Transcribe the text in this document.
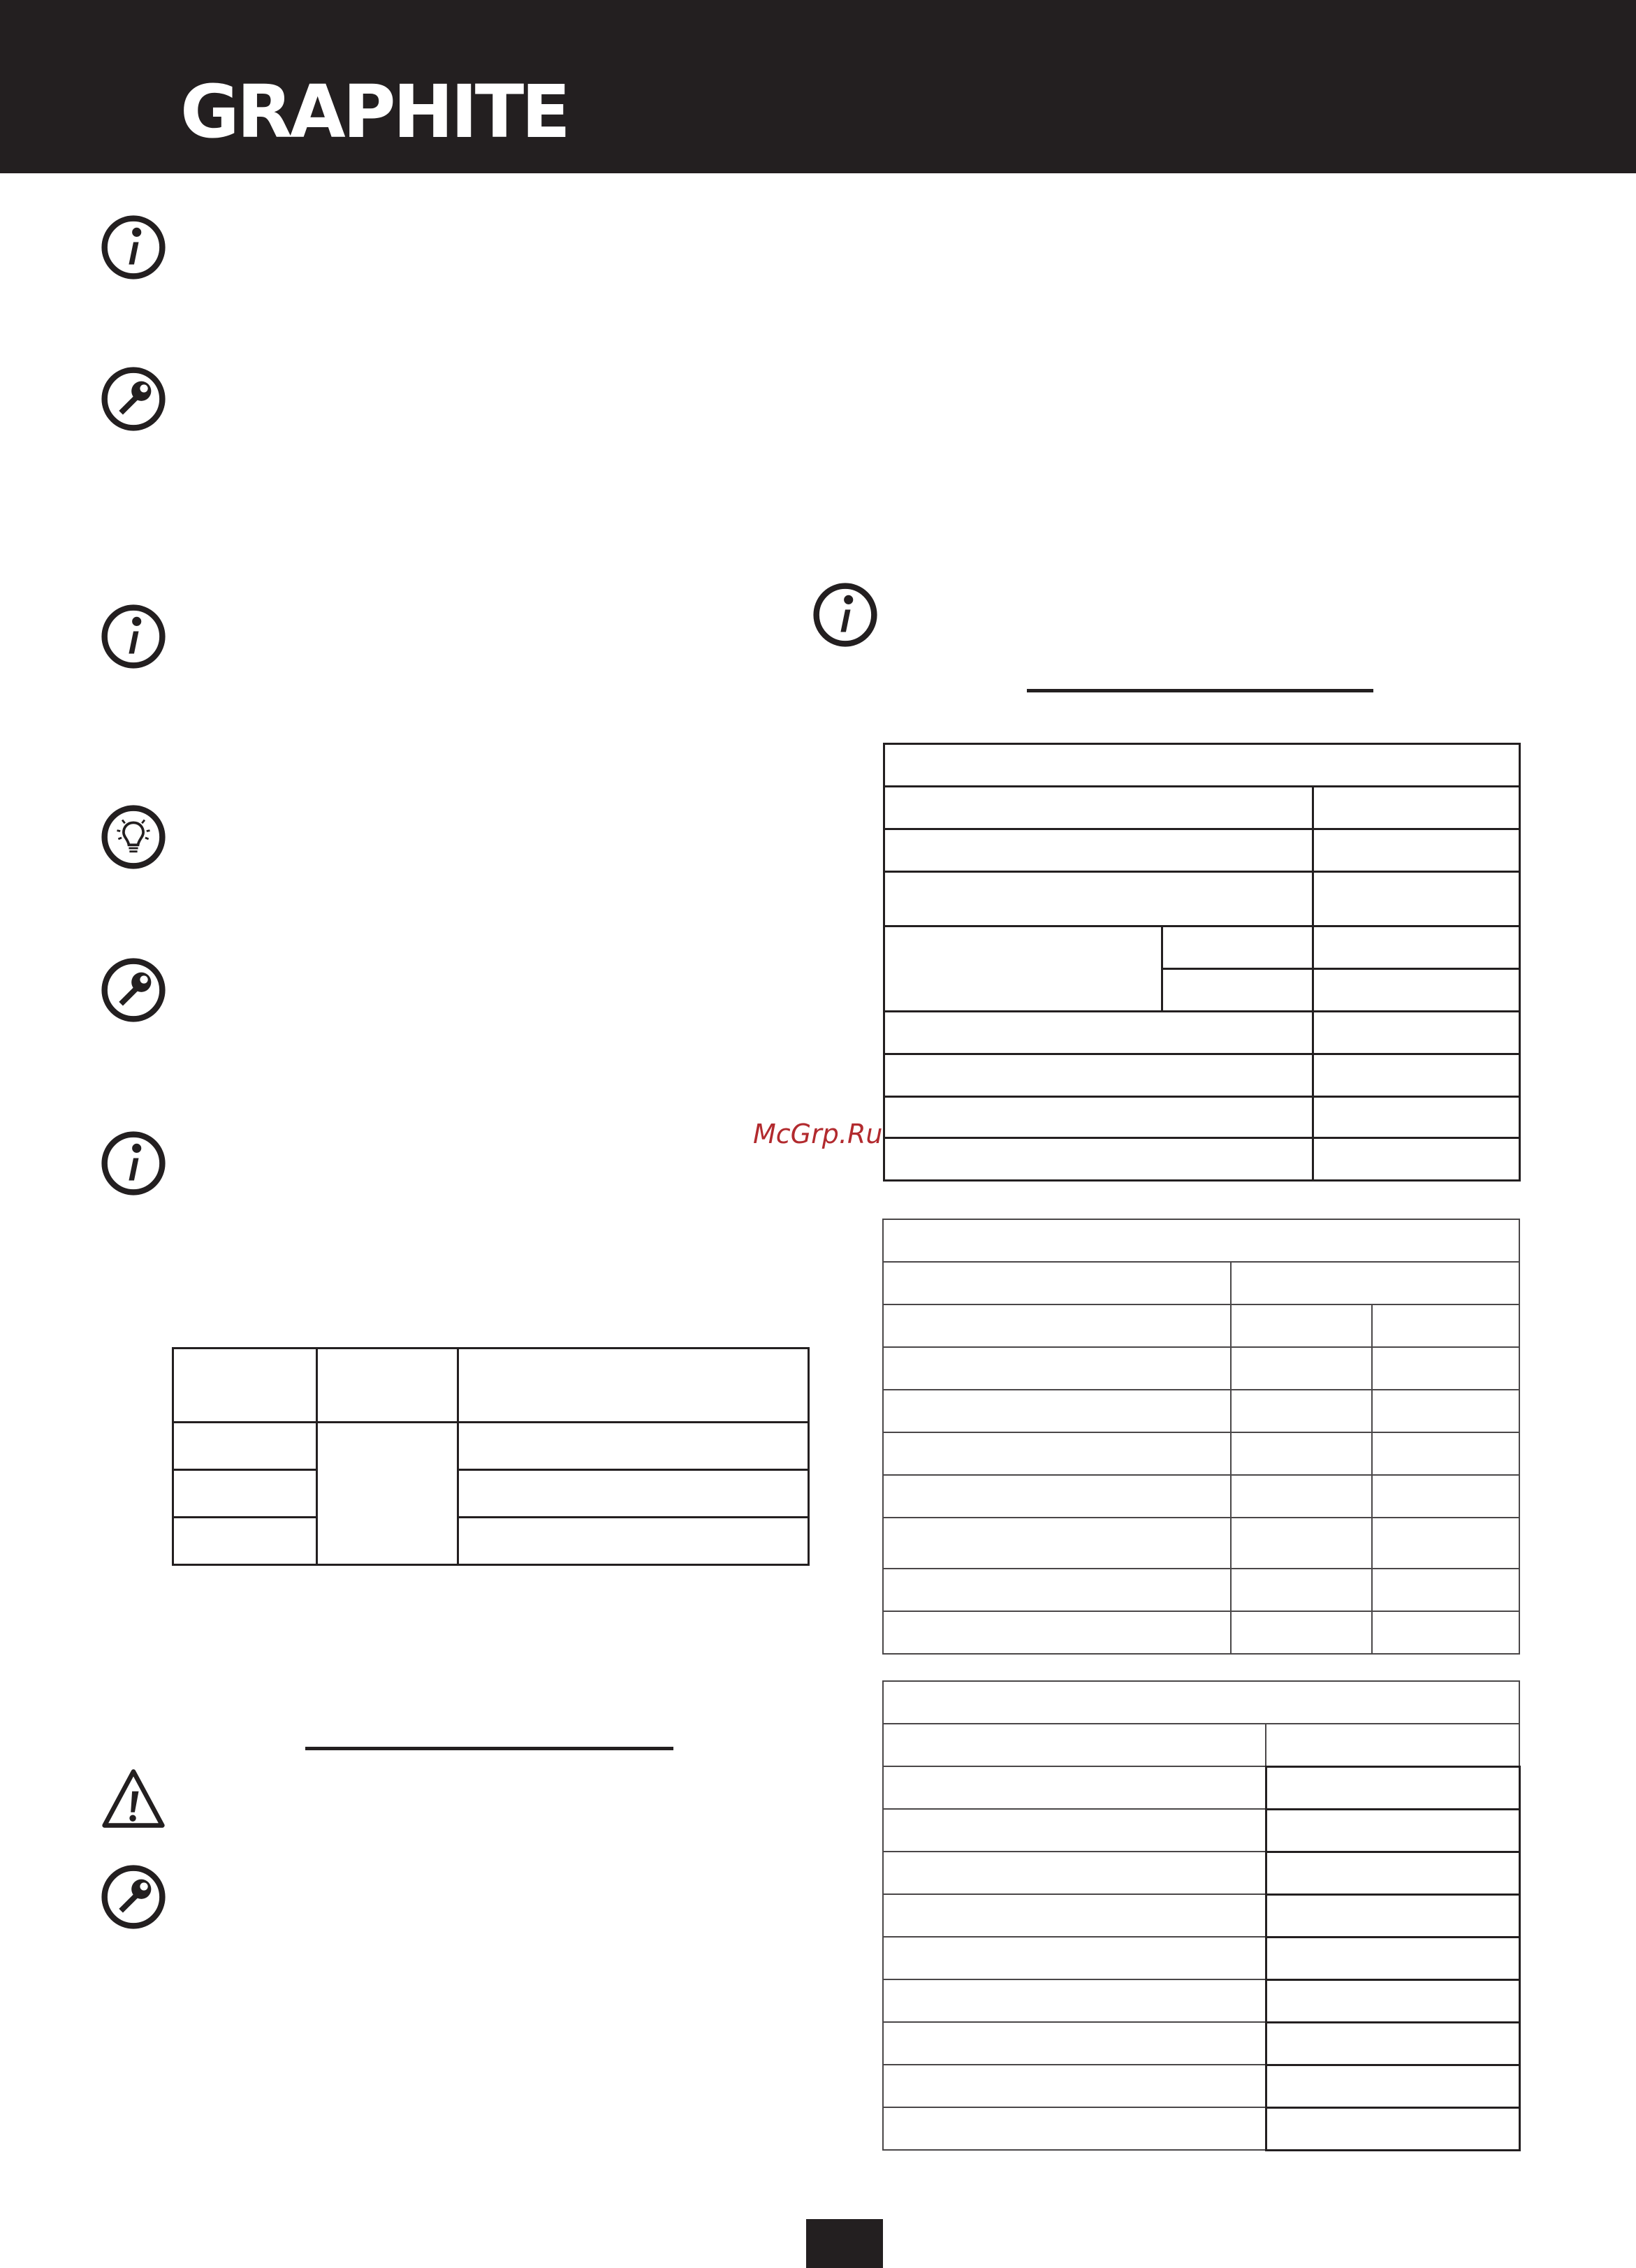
GRAPHITE

McGrp.Ru
